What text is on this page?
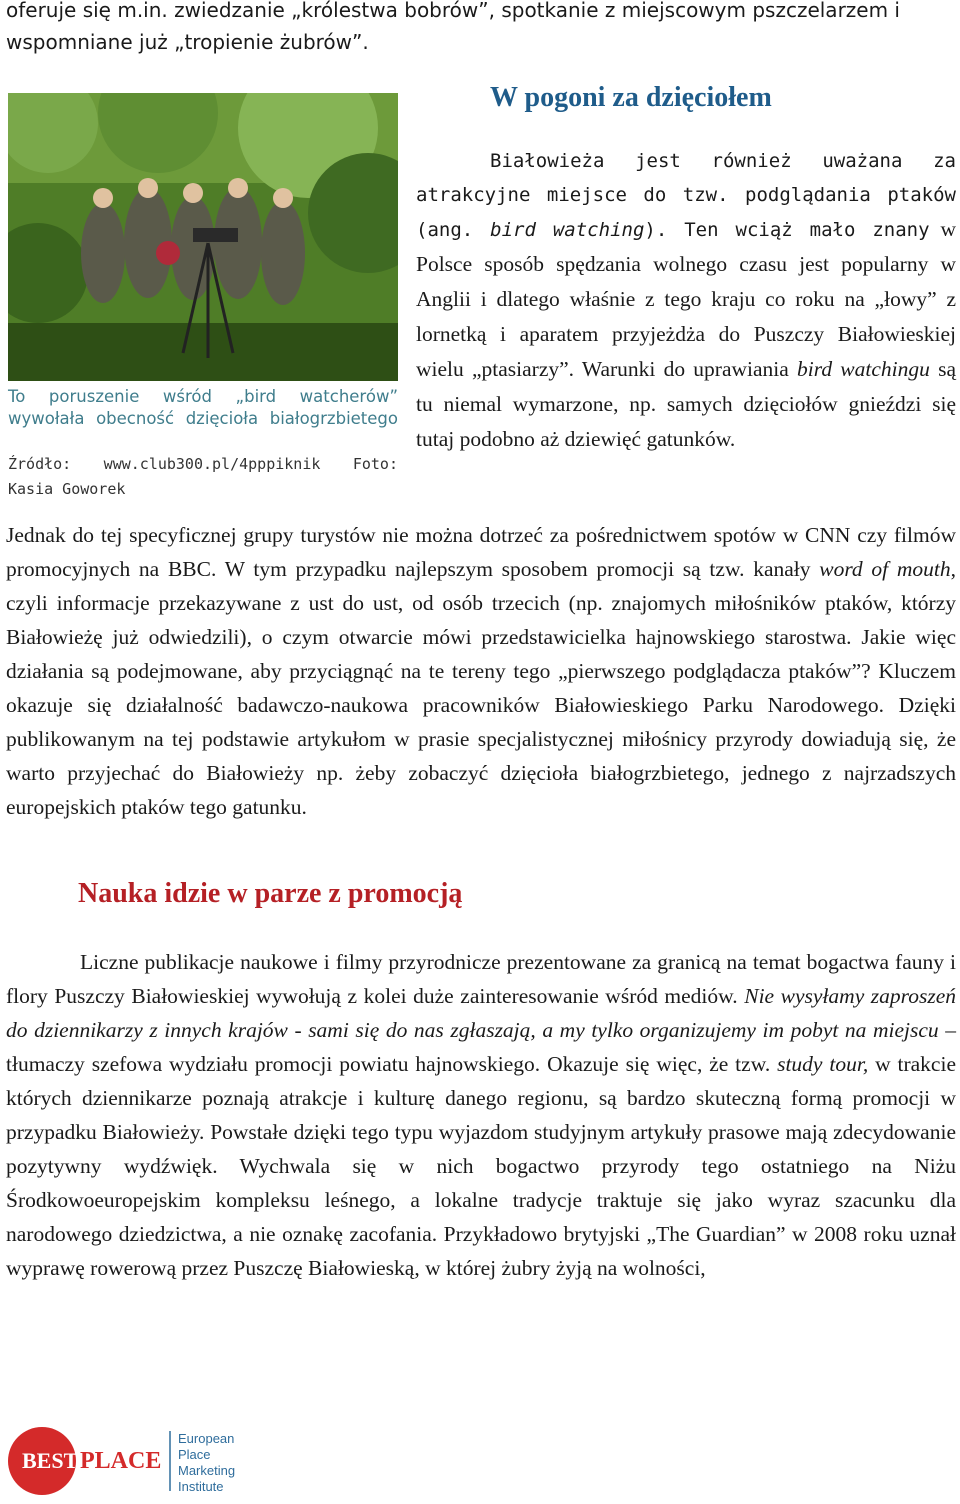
oferuje się m.in. zwiedzanie „królestwa bobrów”, spotkanie z miejscowym pszczelarzem i wspomniane już „tropienie żubrów”.

To poruszenie wśród „bird watcherów” wywołała obecność dzięcioła białogrzbietego

Źródło: www.club300.pl/4pppiknik Foto: Kasia Goworek

W pogoni za dzięciołem

Białowieża jest również uważana za atrakcyjne miejsce do tzw. podglądania ptaków (ang. bird watching). Ten wciąż mało znany w Polsce sposób spędzania wolnego czasu jest popularny w Anglii i dlatego właśnie z tego kraju co roku na „łowy” z lornetką i aparatem przyjeżdża do Puszczy Białowieskiej wielu „ptasiarzy”. Warunki do uprawiania bird watchingu są tu niemal wymarzone, np. samych dzięciołów gnieździ się tutaj podobno aż dziewięć gatunków.

Jednak do tej specyficznej grupy turystów nie można dotrzeć za pośrednictwem spotów w CNN czy filmów promocyjnych na BBC. W tym przypadku najlepszym sposobem promocji są tzw. kanały word of mouth, czyli informacje przekazywane z ust do ust, od osób trzecich (np. znajomych miłośników ptaków, którzy Białowieżę już odwiedzili), o czym otwarcie mówi przedstawicielka hajnowskiego starostwa. Jakie więc działania są podejmowane, aby przyciągnąć na te tereny tego „pierwszego podglądacza ptaków”? Kluczem okazuje się działalność badawczo-naukowa pracowników Białowieskiego Parku Narodowego. Dzięki publikowanym na tej podstawie artykułom w prasie specjalistycznej miłośnicy przyrody dowiadują się, że warto przyjechać do Białowieży np. żeby zobaczyć dzięcioła białogrzbietego, jednego z najrzadszych europejskich ptaków tego gatunku.

Nauka idzie w parze z promocją

Liczne publikacje naukowe i filmy przyrodnicze prezentowane za granicą na temat bogactwa fauny i flory Puszczy Białowieskiej wywołują z kolei duże zainteresowanie wśród mediów. Nie wysyłamy zaproszeń do dziennikarzy z innych krajów - sami się do nas zgłaszają, a my tylko organizujemy im pobyt na miejscu – tłumaczy szefowa wydziału promocji powiatu hajnowskiego. Okazuje się więc, że tzw. study tour, w trakcie których dziennikarze poznają atrakcje i kulturę danego regionu, są bardzo skuteczną formą promocji w przypadku Białowieży. Powstałe dzięki tego typu wyjazdom studyjnym artykuły prasowe mają zdecydowanie pozytywny wydźwięk. Wychwala się w nich bogactwo przyrody tego ostatniego na Niżu Środkowoeuropejskim kompleksu leśnego, a lokalne tradycje traktuje się jako wyraz szacunku dla narodowego dziedzictwa, a nie oznakę zacofania. Przykładowo brytyjski „The Guardian” w 2008 roku uznał wyprawę rowerową przez Puszczę Białowieską, w której żubry żyją na wolności,

BEST PLACE
European
Place
Marketing
Institute
